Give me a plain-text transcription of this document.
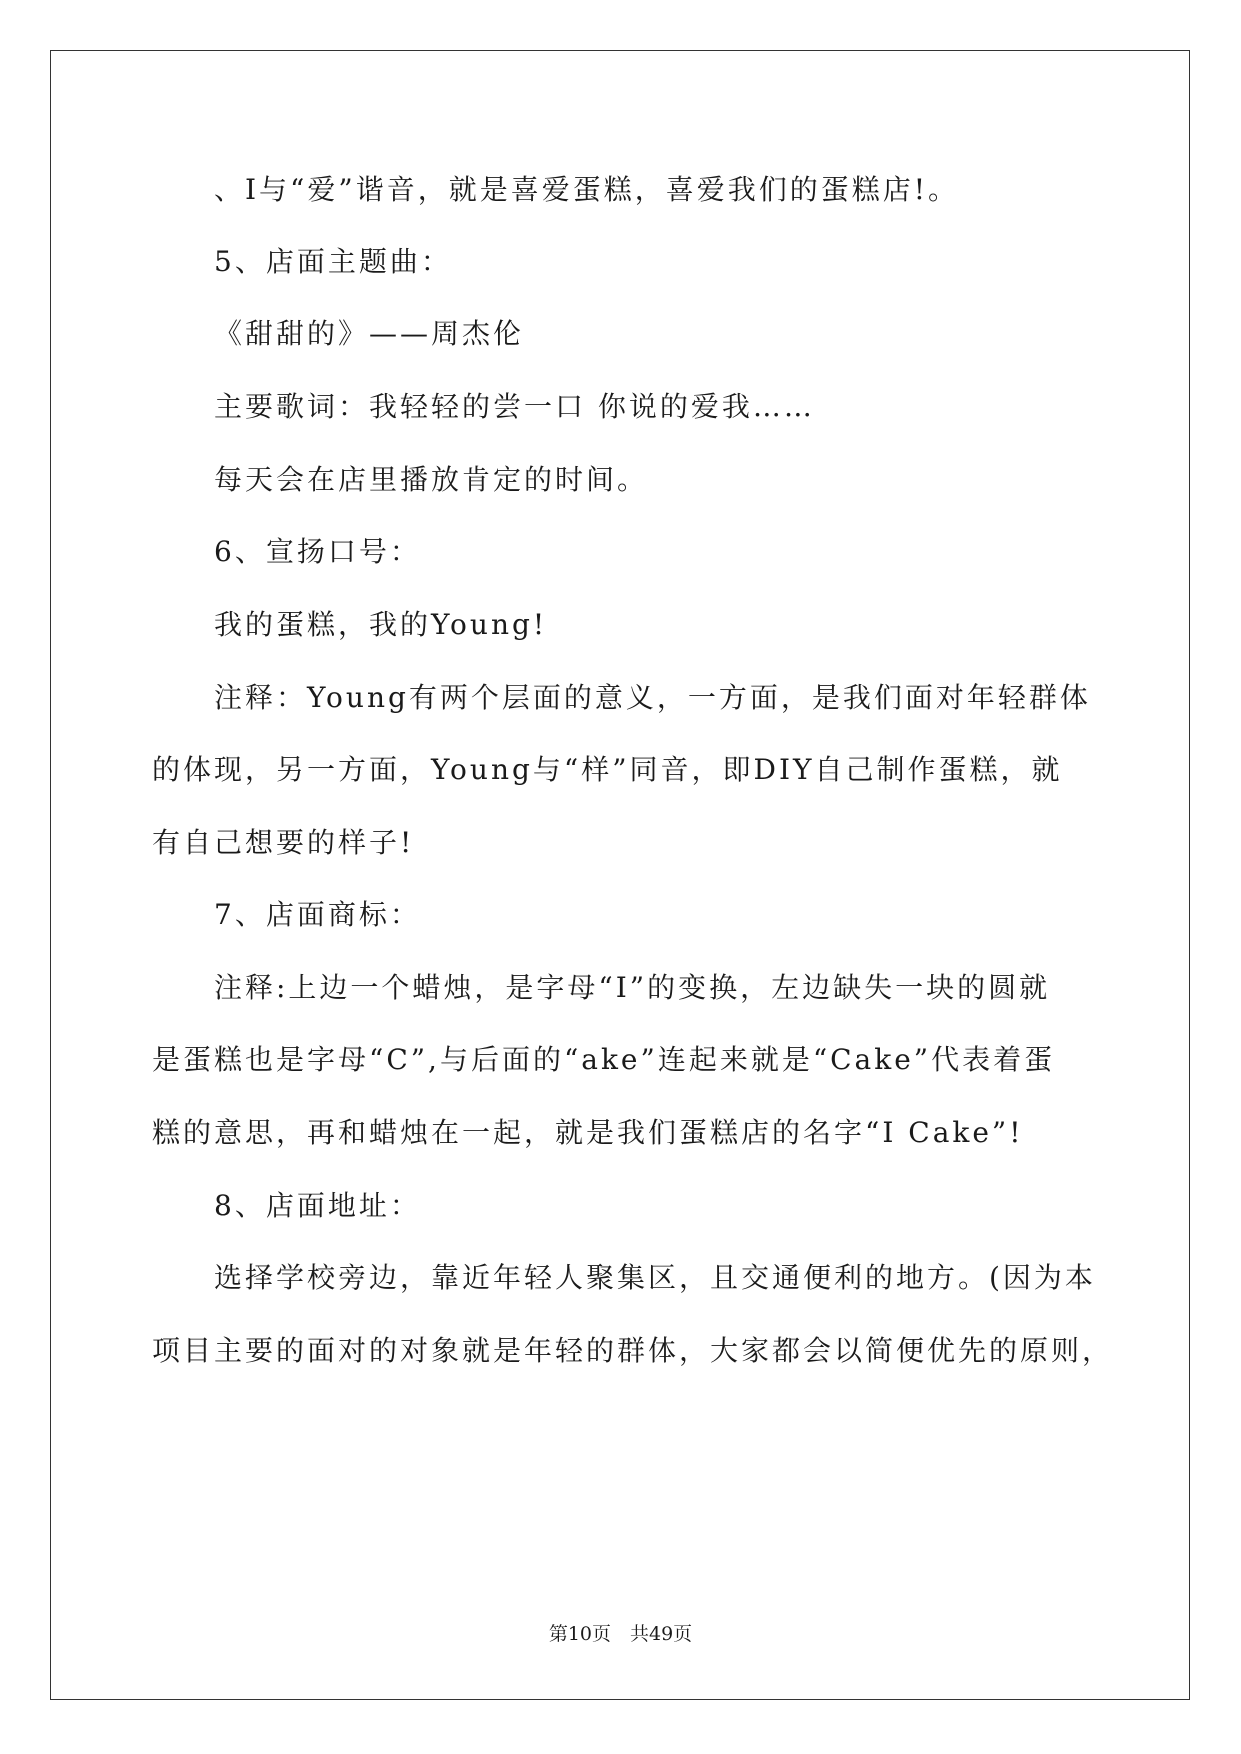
、I与“爱”谐音，就是喜爱蛋糕，喜爱我们的蛋糕店!。
5、店面主题曲：
《甜甜的》——周杰伦
主要歌词：我轻轻的尝一口 你说的爱我……
每天会在店里播放肯定的时间。
6、宣扬口号：
我的蛋糕，我的Young!
注释：Young有两个层面的意义，一方面，是我们面对年轻群体
的体现，另一方面，Young与“样”同音，即DIY自己制作蛋糕，就
有自己想要的样子!
7、店面商标：
注释:上边一个蜡烛，是字母“I”的变换，左边缺失一块的圆就
是蛋糕也是字母“C”,与后面的“ake”连起来就是“Cake”代表着蛋
糕的意思，再和蜡烛在一起，就是我们蛋糕店的名字“I Cake”!
8、店面地址：
选择学校旁边，靠近年轻人聚集区，且交通便利的地方。(因为本
项目主要的面对的对象就是年轻的群体，大家都会以简便优先的原则，
第10页　共49页
